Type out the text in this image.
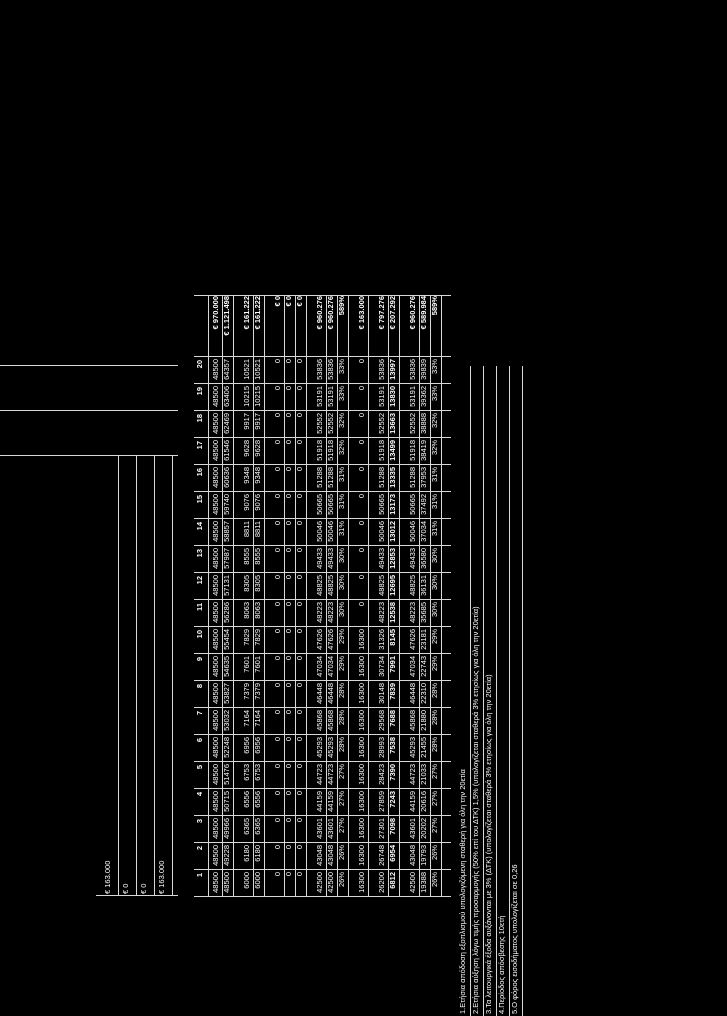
€ 163.000 € 0 € 0 € 163.000	1
2
3
4
5
6
7
8
9
10
11
12
13
14
15
16
17
18
19
20
48500
48500
48500
48500
48500
48500
48500
48500
48500
48500
48500
48500
48500
48500
48500
48500
48500
48500
48500
48500
€ 970.000
48500
49228
49966
50715
51476
52248
53032
53827
54635
55454
56286
57131
57987
58857
59740
60636
61546
62469
63406
64357
€ 1.121.498
6000
6180
6365
6556
6753
6956
7164
7379
7601
7829
8063
8305
8555
8811
9076
9348
9628
9917
10215
10521
€ 161.222
6000
6180
6365
6556
6753
6956
7164
7379
7601
7829
8063
8305
8555
8811
9076
9348
9628
9917
10215
10521
€ 161.222
0
0
0
0
0
0
0
0
0
0
0
0
0
0
0
0
0
0
0
0
€ 0
0
0
0
0
0
0
0
0
0
0
0
0
0
0
0
0
0
0
0
0
€ 0
0
0
0
0
0
0
0
0
0
0
0
0
0
0
0
0
0
0
0
0
€ 0
42500
43048
43601
44159
44723
45293
45868
46448
47034
47626
48223
48825
49433
50046
50665
51288
51918
52552
53191
53836
€ 960.276
42500
43048
43601
44159
44723
45293
45868
46448
47034
47626
48223
48825
49433
50046
50665
51288
51918
52552
53191
53836
€ 960.276
26%
26%
27%
27%
27%
28%
28%
28%
29%
29%
30%
30%
30%
31%
31%
31%
32%
32%
33%
33%
589%
16300
16300
16300
16300
16300
16300
16300
16300
16300
16300
0
0
0
0
0
0
0
0
0
0
€ 163.000
26200
26748
27301
27859
28423
28993
29568
30148
30734
31326
48223
48825
49433
50046
50665
51288
51918
52552
53191
53836
€ 797.276
6812
6954
7098
7243
7390
7538
7688
7839
7991
8145
12538
12695
12853
13012
13173
13335
13499
13663
13830
13997
€ 207.292
42500
43048
43601
44159
44723
45293
45868
46448
47034
47626
48223
48825
49433
50046
50665
51288
51918
52552
53191
53836
€ 960.276
19388
19793
20202
20616
21033
21455
21880
22310
22743
23181
35685
36131
36580
37034
37492
37953
38419
38888
39362
39839
€ 589.984
26%
26%
27%
27%
27%
28%
28%
28%
29%
29%
30%
30%
30%
31%
31%
31%
32%
32%
33%
33%
589%
1.Ετήσια απόδοση εξοπλισμού υπολογιζόμενη σταθερή για όλη την 20ετία 2.Ετήσια αύξηση λόγω τιμής προσαρμογής (50% επί του ΔΤΚ) 1,5% (υπολογίζεται σταθερά 3% ετησίως για όλη την 20ετία) 3.Τα λειτουργικά έξοδα αυξάνονται με 3% (ΔΤΚ) (υπολογίζεται σταθερά 3% ετησίως για όλη την 20ετία) 4.Περίοδος απόσβεσης 10ετή 5.Ο φόρος εισοδήματος υπολογίζεται σε 0,26
